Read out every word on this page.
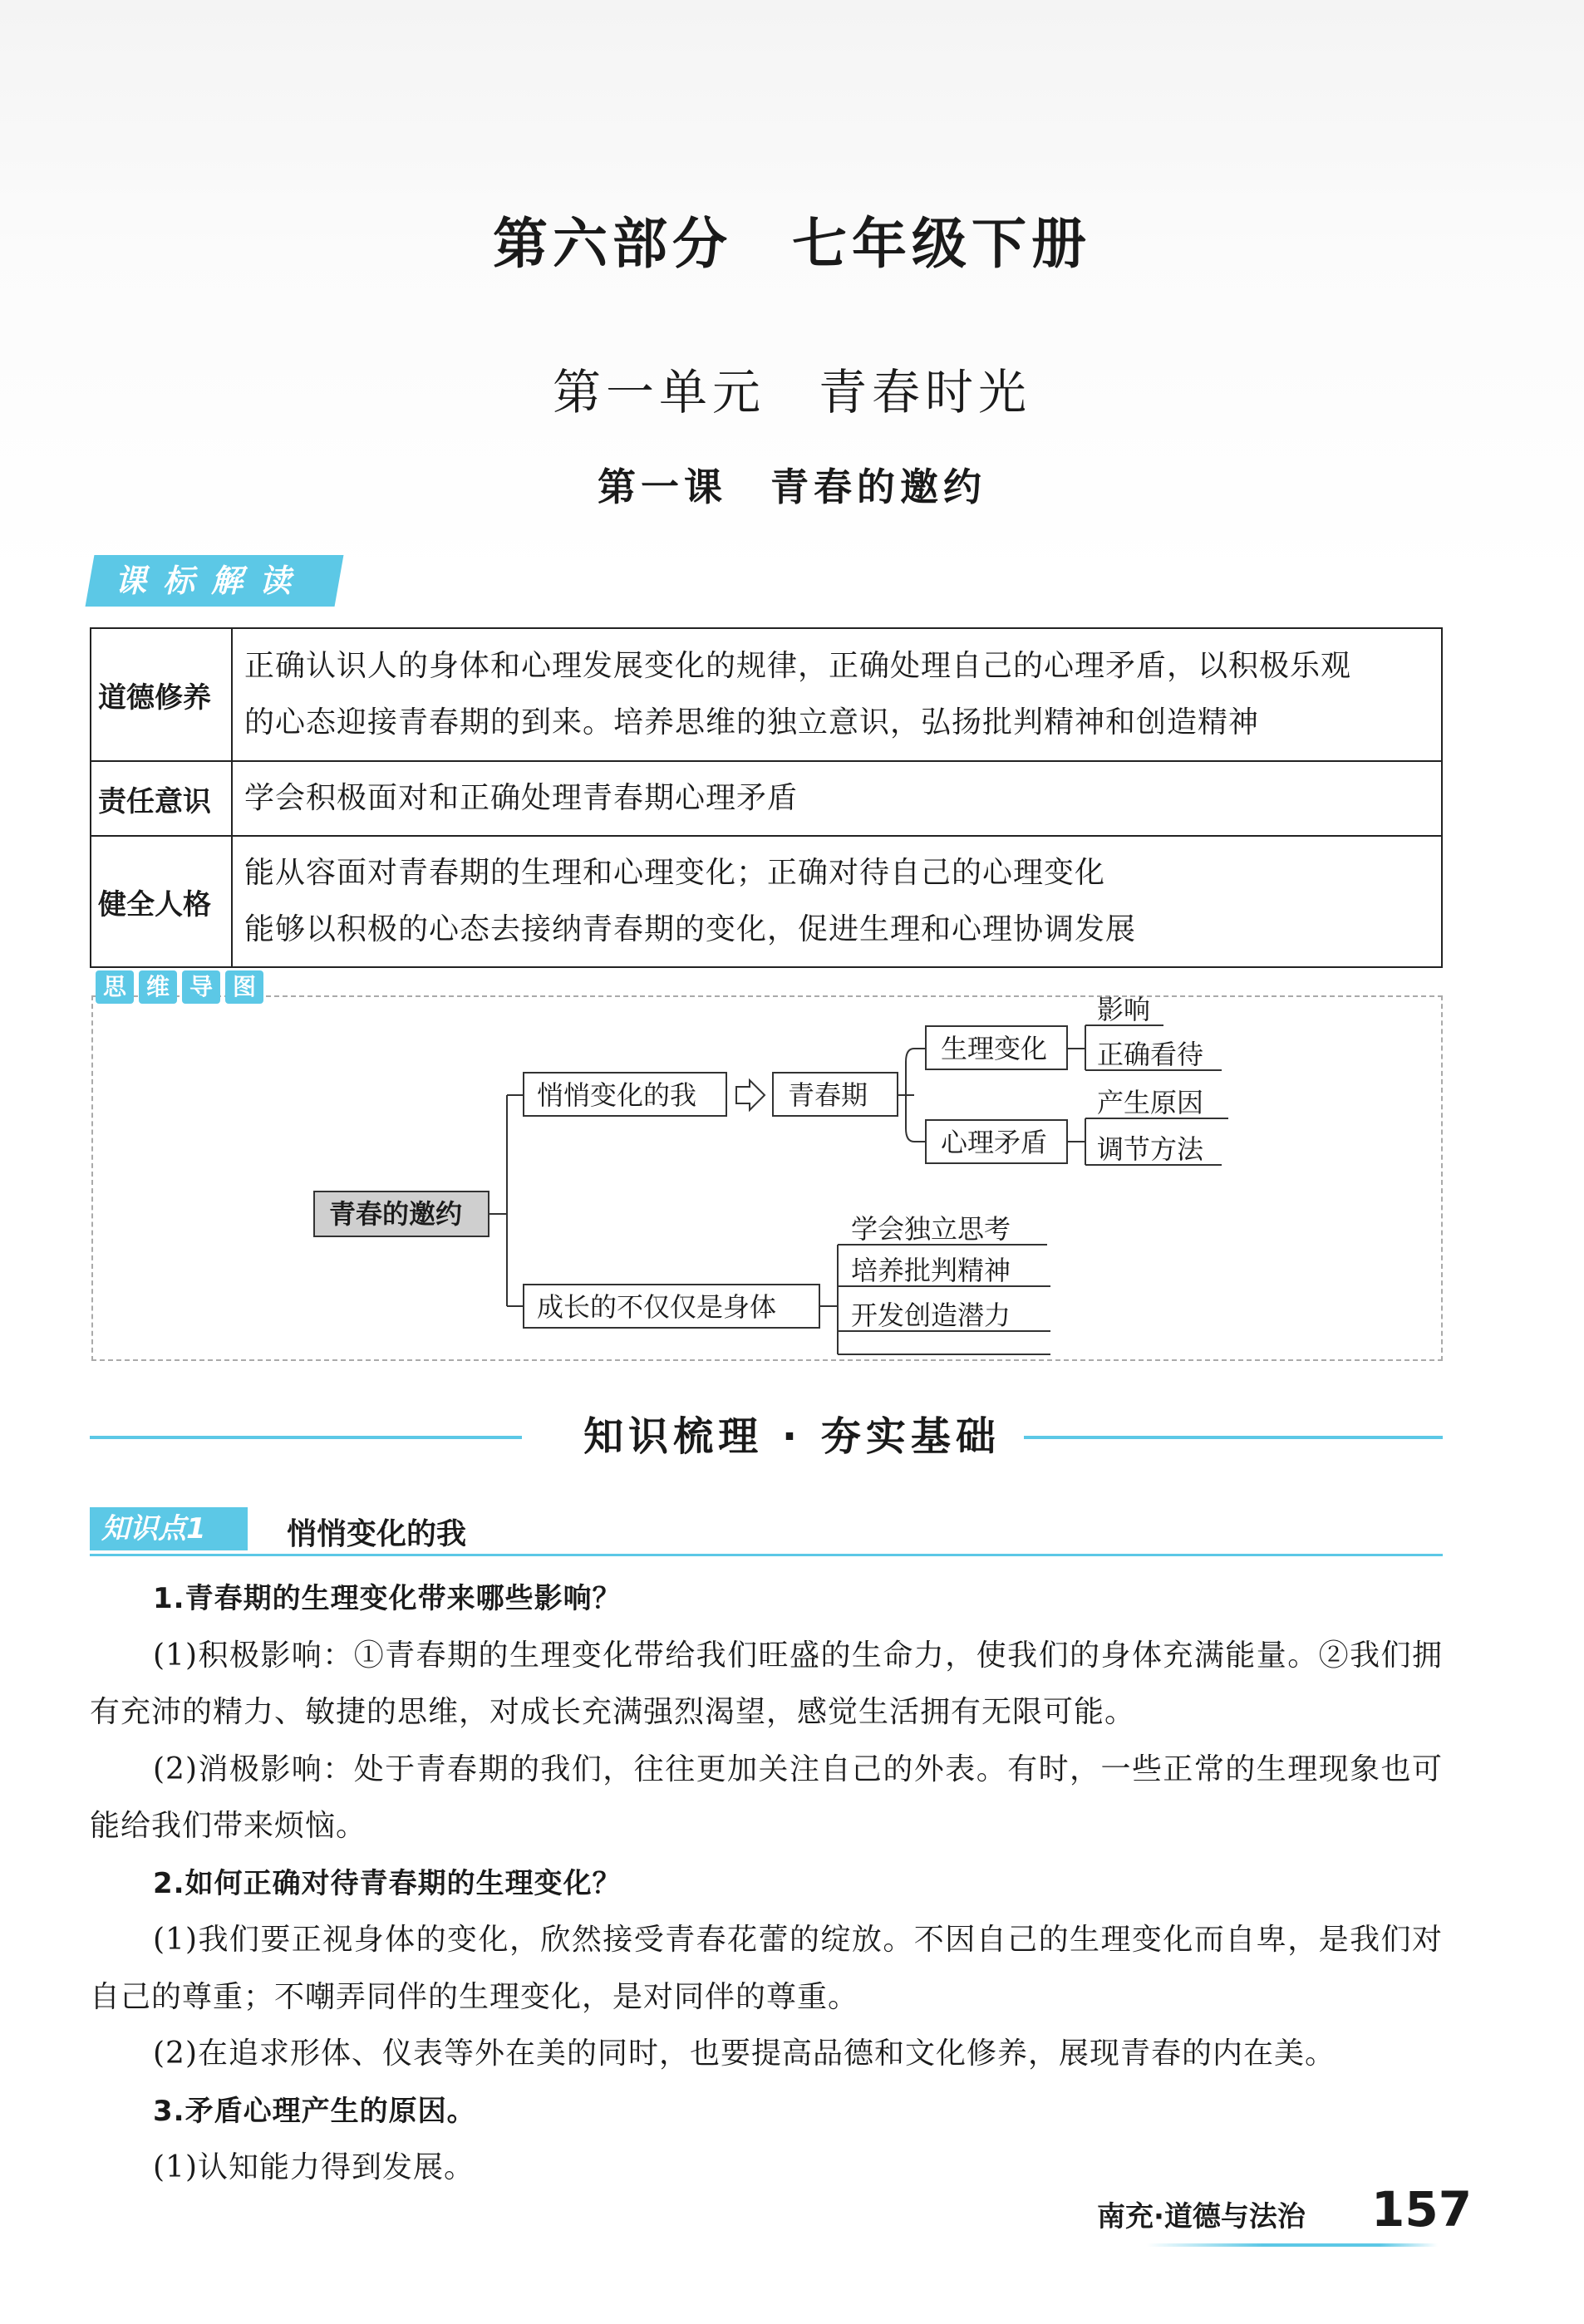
第六部分　七年级下册
第一单元　青春时光
第一课　青春的邀约
课标解读
道德修养	正确认识人的身体和心理发展变化的规律，正确处理自己的心理矛盾，以积极乐观
的心态迎接青春期的到来。培养思维的独立意识，弘扬批判精神和创造精神

责任意识	学会积极面对和正确处理青春期心理矛盾

健全人格	能从容面对青春期的生理和心理变化；正确对待自己的心理变化
能够以积极的心态去接纳青春期的变化，促进生理和心理协调发展
思 维 导 图
青春的邀约
悄悄变化的我	青春期
生理变化
心理矛盾
影响
正确看待
产生原因
调节方法
成长的不仅仅是身体
学会独立思考
培养批判精神
开发创造潜力
知识梳理 · 夯实基础
知识点1	悄悄变化的我

1.青春期的生理变化带来哪些影响？

(1)积极影响：①青春期的生理变化带给我们旺盛的生命力，使我们的身体充满能量。②我们拥有充沛的精力、敏捷的思维，对成长充满强烈渴望，感觉生活拥有无限可能。

(2)消极影响：处于青春期的我们，往往更加关注自己的外表。有时，一些正常的生理现象也可能给我们带来烦恼。

2.如何正确对待青春期的生理变化？

(1)我们要正视身体的变化，欣然接受青春花蕾的绽放。不因自己的生理变化而自卑，是我们对自己的尊重；不嘲弄同伴的生理变化，是对同伴的尊重。

(2)在追求形体、仪表等外在美的同时，也要提高品德和文化修养，展现青春的内在美。

3.矛盾心理产生的原因。

(1)认知能力得到发展。

南充·道德与法治 157
